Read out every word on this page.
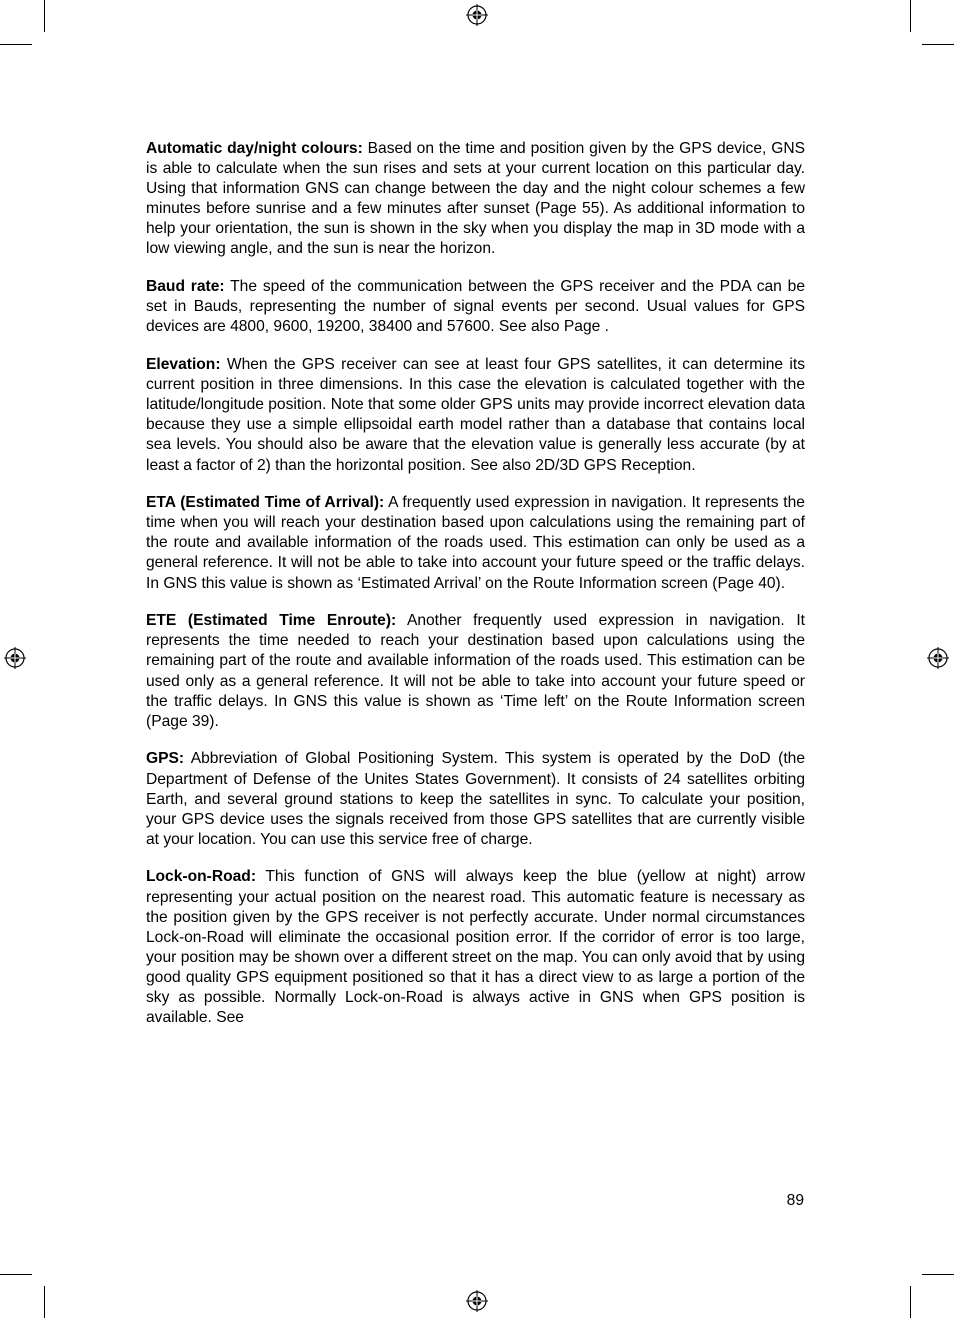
Automatic day/night colours: Based on the time and position given by the GPS device, GNS is able to calculate when the sun rises and sets at your current location on this particular day. Using that information GNS can change between the day and the night colour schemes a few minutes before sunrise and a few minutes after sunset (Page 55). As additional information to help your orientation, the sun is shown in the sky when you display the map in 3D mode with a low viewing angle, and the sun is near the horizon.

Baud rate: The speed of the communication between the GPS receiver and the PDA can be set in Bauds, representing the number of signal events per second. Usual values for GPS devices are 4800, 9600, 19200, 38400 and 57600. See also Page .

Elevation: When the GPS receiver can see at least four GPS satellites, it can determine its current position in three dimensions. In this case the elevation is calculated together with the latitude/longitude position. Note that some older GPS units may provide incorrect elevation data because they use a simple ellipsoidal earth model rather than a database that contains local sea levels. You should also be aware that the elevation value is generally less accurate (by at least a factor of 2) than the horizontal position. See also 2D/3D GPS Reception.

ETA (Estimated Time of Arrival): A frequently used expression in navigation. It represents the time when you will reach your destination based upon calculations using the remaining part of the route and available information of the roads used. This estimation can only be used as a general reference. It will not be able to take into account your future speed or the traffic delays. In GNS this value is shown as ‘Estimated Arrival’ on the Route Information screen (Page 40).

ETE (Estimated Time Enroute): Another frequently used expression in navigation. It represents the time needed to reach your destination based upon calculations using the remaining part of the route and available information of the roads used. This estimation can be used only as a general reference. It will not be able to take into account your future speed or the traffic delays. In GNS this value is shown as ‘Time left’ on the Route Information screen (Page 39).

GPS: Abbreviation of Global Positioning System. This system is operated by the DoD (the Department of Defense of the Unites States Government). It consists of 24 satellites orbiting Earth, and several ground stations to keep the satellites in sync. To calculate your position, your GPS device uses the signals received from those GPS satellites that are currently visible at your location. You can use this service free of charge.

Lock-on-Road: This function of GNS will always keep the blue (yellow at night) arrow representing your actual position on the nearest road. This automatic feature is necessary as the position given by the GPS receiver is not perfectly accurate. Under normal circumstances Lock-on-Road will eliminate the occasional position error. If the corridor of error is too large, your position may be shown over a different street on the map. You can only avoid that by using good quality GPS equipment positioned so that it has a direct view to as large a portion of the sky as possible. Normally Lock-on-Road is always active in GNS when GPS position is available. See

89
